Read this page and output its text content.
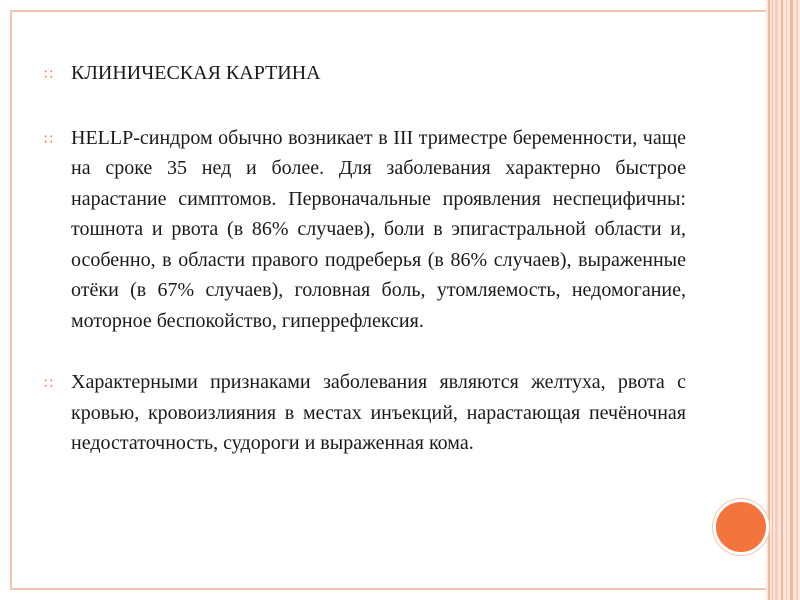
∷ КЛИНИЧЕСКАЯ КАРТИНА

∷ HELLP-синдром обычно возникает в III триместре беременности, чаще на сроке 35 нед и более. Для заболевания характерно быстрое нарастание симптомов. Первоначальные проявления неспецифичны: тошнота и рвота (в 86% случаев), боли в эпигастральной области и, особенно, в области правого подреберья (в 86% случаев), выраженные отёки (в 67% случаев), головная боль, утомляемость, недомогание, моторное беспокойство, гиперрефлексия.

∷ Характерными признаками заболевания являются желтуха, рвота с кровью, кровоизлияния в местах инъекций, нарастающая печёночная недостаточность, судороги и выраженная кома.
